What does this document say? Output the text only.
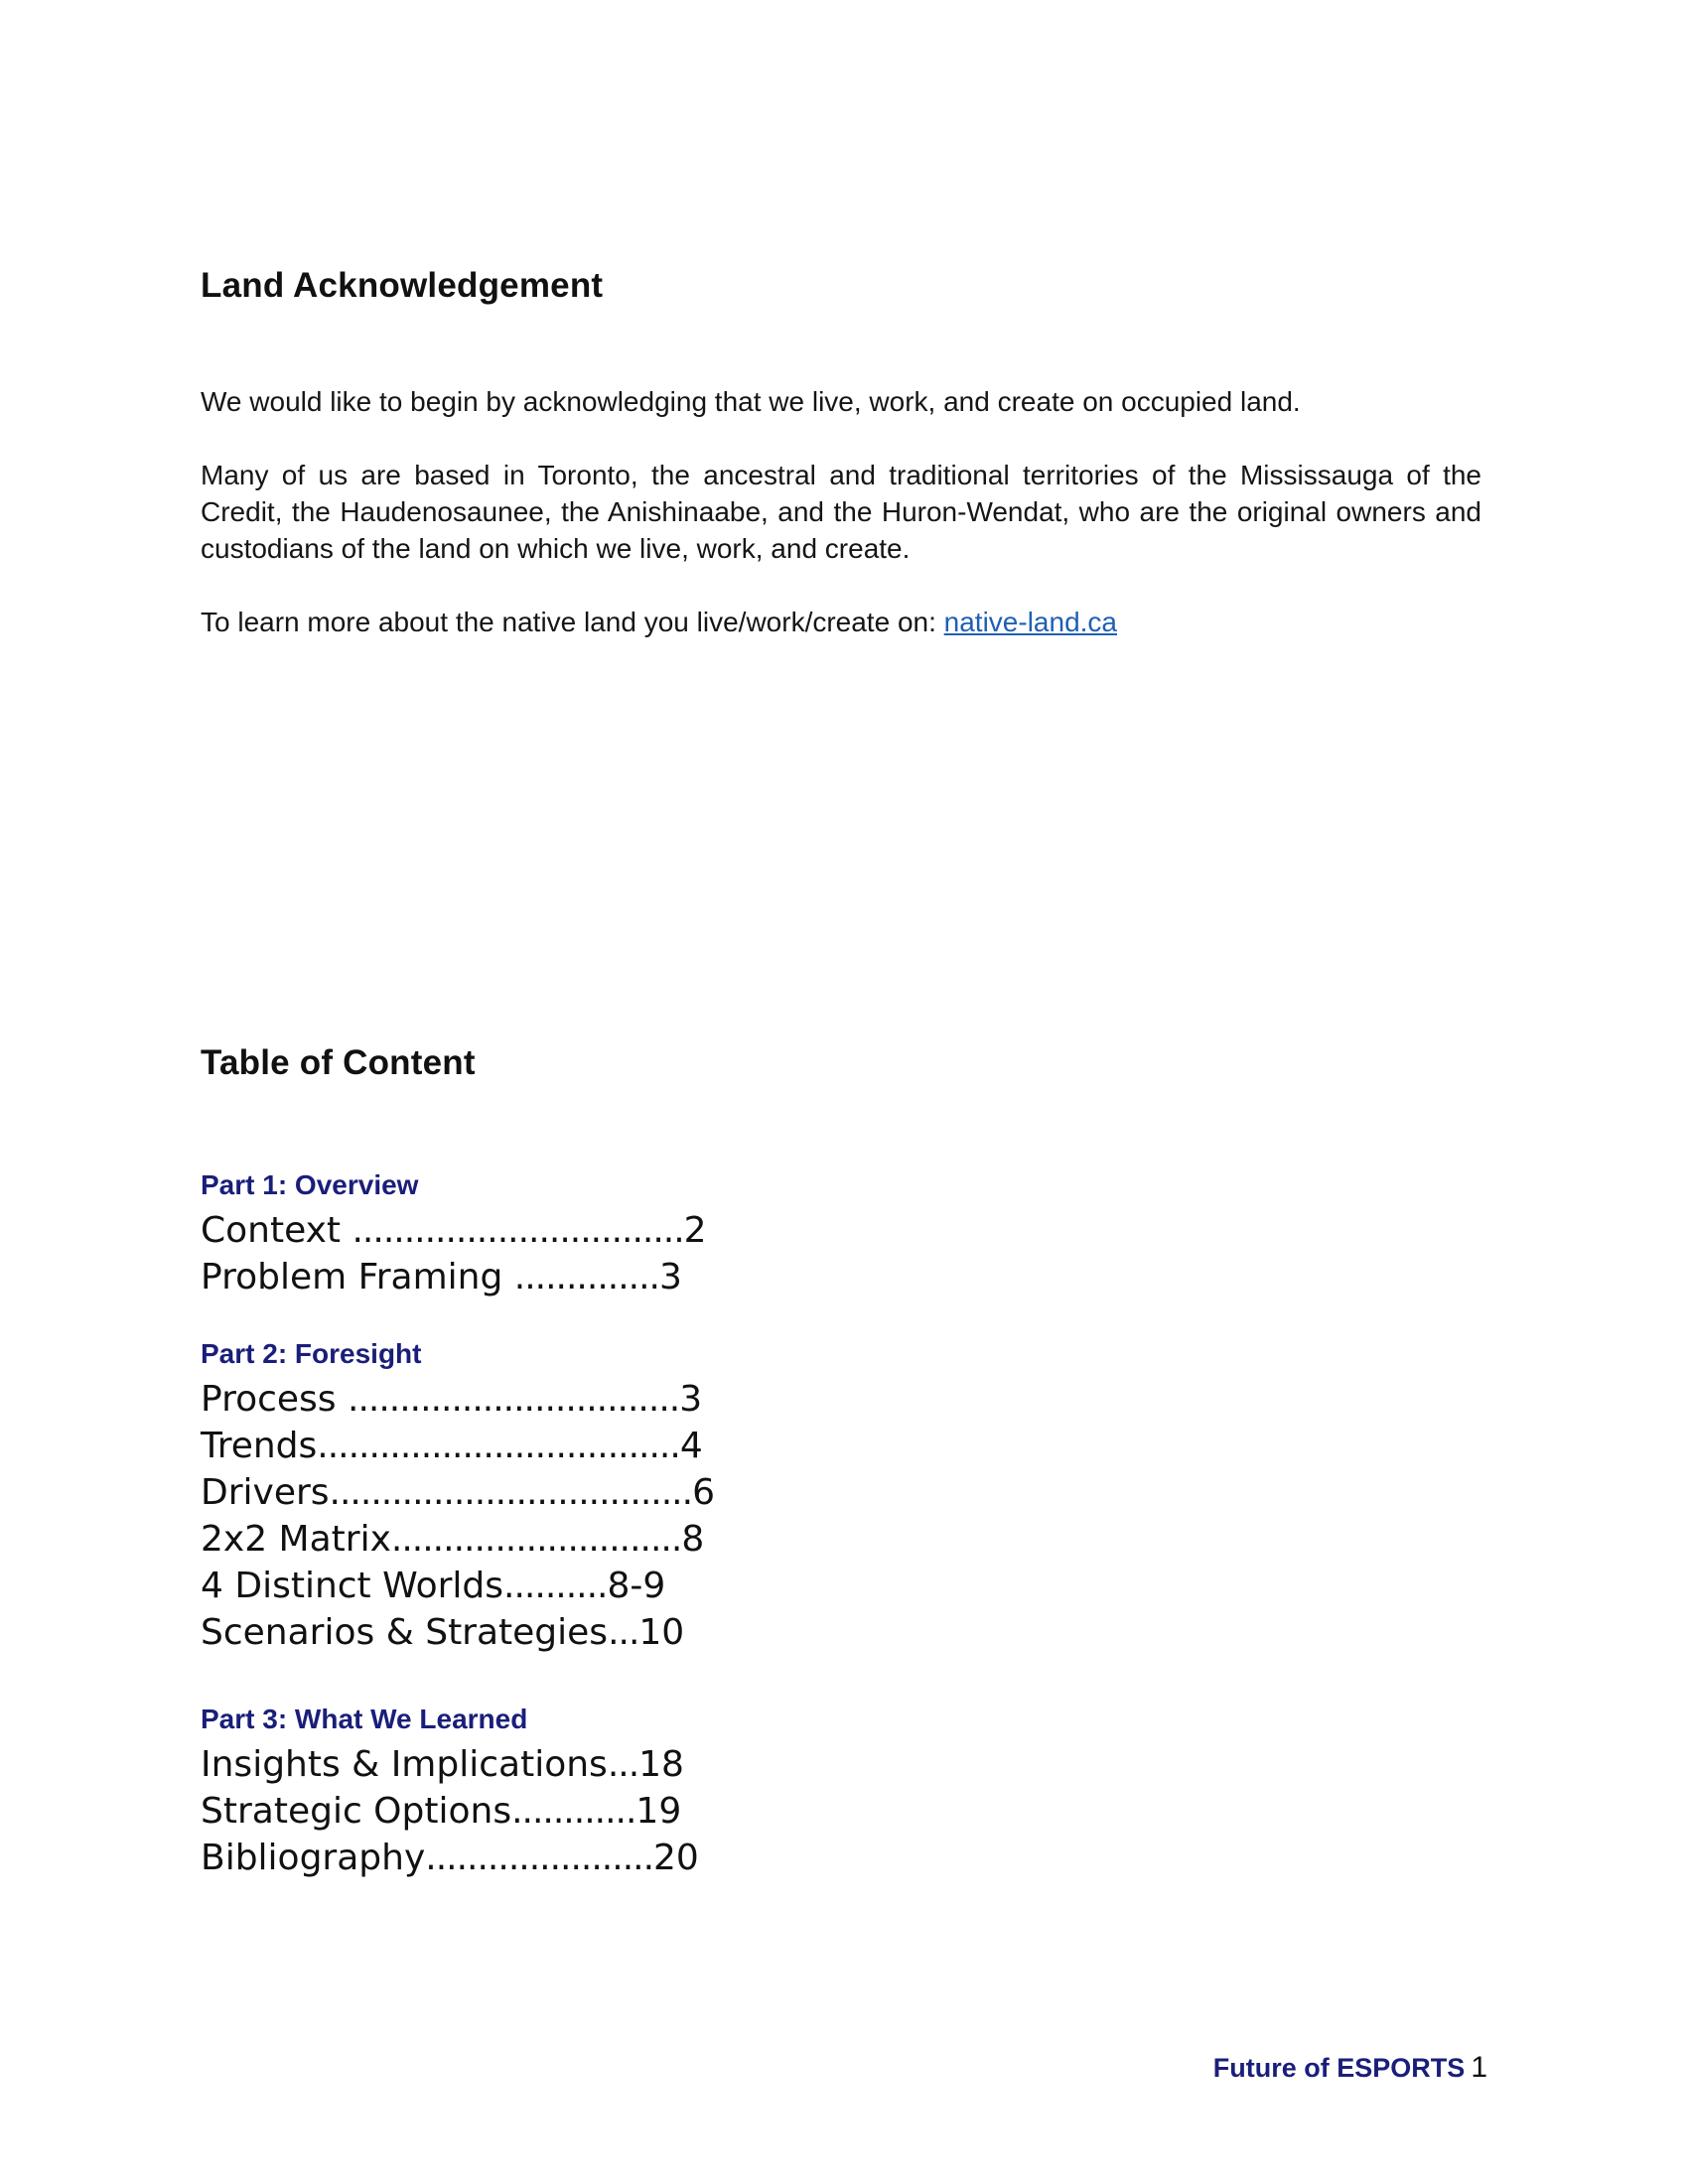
Land Acknowledgement

We would like to begin by acknowledging that we live, work, and create on occupied land.

Many of us are based in Toronto, the ancestral and traditional territories of the Mississauga of the Credit, the Haudenosaunee, the Anishinaabe, and the Huron-Wendat, who are the original owners and custodians of the land on which we live, work, and create.

To learn more about the native land you live/work/create on: native-land.ca

Table of Content
Part 1: Overview
Context ................................2
Problem Framing ..............3
Part 2: Foresight
Process ................................3
Trends...................................4
Drivers...................................6
2x2 Matrix............................8
4 Distinct Worlds..........8-9
Scenarios & Strategies...10
Part 3: What We Learned
Insights & Implications...18
Strategic Options............19
Bibliography......................20
Future of ESPORTS 1
